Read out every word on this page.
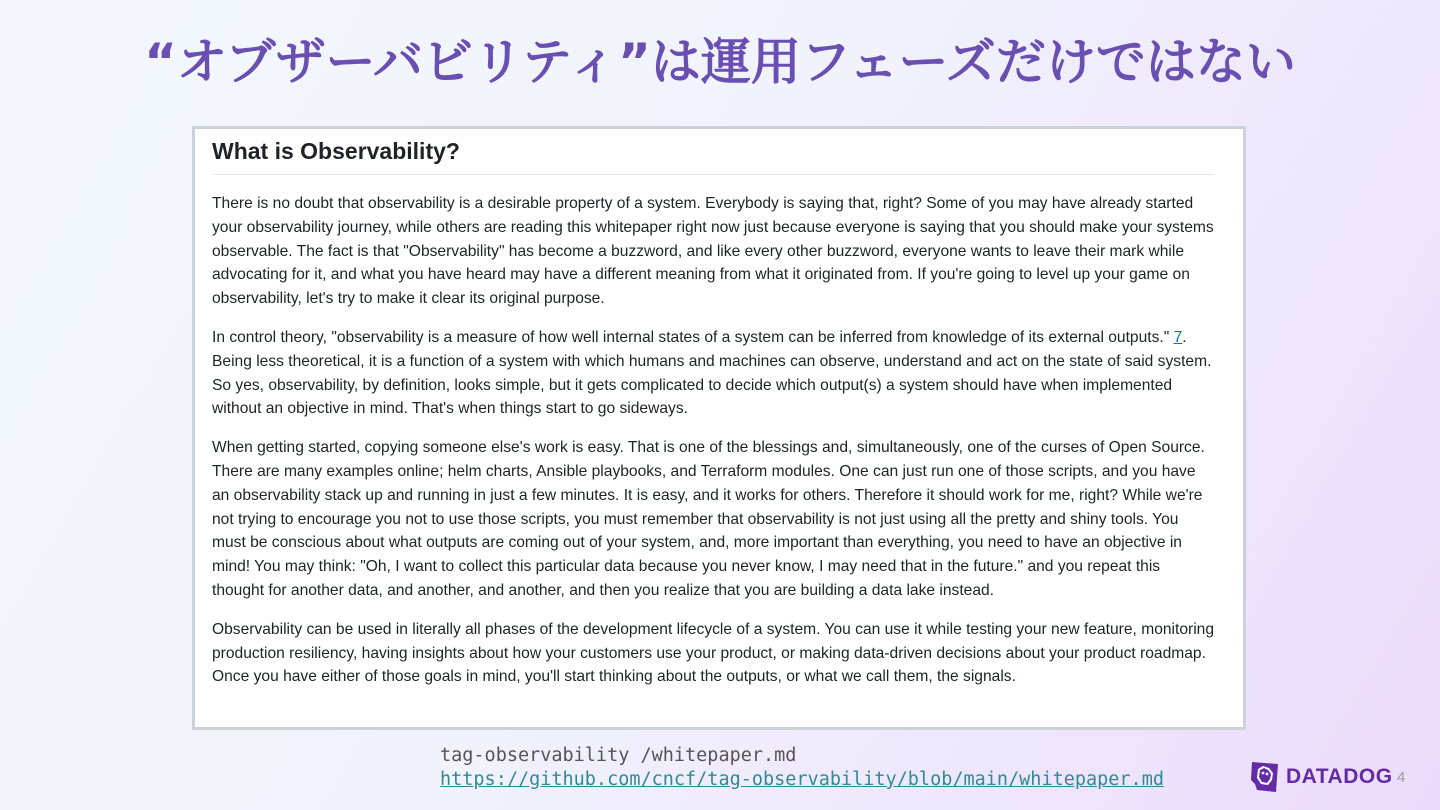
“オブザーバビリティ”は運用フェーズだけではない
What is Observability?

There is no doubt that observability is a desirable property of a system. Everybody is saying that, right? Some of you may have already started your observability journey, while others are reading this whitepaper right now just because everyone is saying that you should make your systems observable. The fact is that "Observability" has become a buzzword, and like every other buzzword, everyone wants to leave their mark while advocating for it, and what you have heard may have a different meaning from what it originated from. If you're going to level up your game on observability, let's try to make it clear its original purpose.

In control theory, "observability is a measure of how well internal states of a system can be inferred from knowledge of its external outputs." 7. Being less theoretical, it is a function of a system with which humans and machines can observe, understand and act on the state of said system. So yes, observability, by definition, looks simple, but it gets complicated to decide which output(s) a system should have when implemented without an objective in mind. That's when things start to go sideways.

When getting started, copying someone else's work is easy. That is one of the blessings and, simultaneously, one of the curses of Open Source. There are many examples online; helm charts, Ansible playbooks, and Terraform modules. One can just run one of those scripts, and you have an observability stack up and running in just a few minutes. It is easy, and it works for others. Therefore it should work for me, right? While we're not trying to encourage you not to use those scripts, you must remember that observability is not just using all the pretty and shiny tools. You must be conscious about what outputs are coming out of your system, and, more important than everything, you need to have an objective in mind! You may think: "Oh, I want to collect this particular data because you never know, I may need that in the future." and you repeat this thought for another data, and another, and another, and then you realize that you are building a data lake instead.

Observability can be used in literally all phases of the development lifecycle of a system. You can use it while testing your new feature, monitoring production resiliency, having insights about how your customers use your product, or making data-driven decisions about your product roadmap. Once you have either of those goals in mind, you'll start thinking about the outputs, or what we call them, the signals.

tag-observability /whitepaper.md
https://github.com/cncf/tag-observability/blob/main/whitepaper.md	DATADOG 4
